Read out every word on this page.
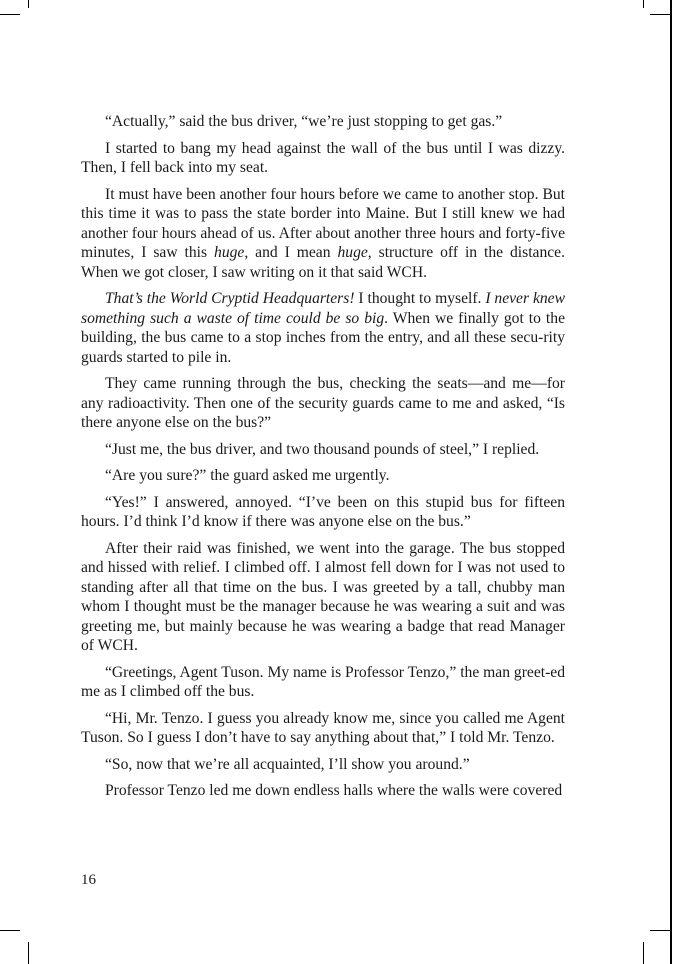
“Actually,” said the bus driver, “we’re just stopping to get gas.”

I started to bang my head against the wall of the bus until I was dizzy. Then, I fell back into my seat.

It must have been another four hours before we came to another stop. But this time it was to pass the state border into Maine. But I still knew we had another four hours ahead of us. After about another three hours and forty-five minutes, I saw this huge, and I mean huge, structure off in the distance. When we got closer, I saw writing on it that said WCH.

That’s the World Cryptid Headquarters! I thought to myself. I never knew something such a waste of time could be so big. When we finally got to the building, the bus came to a stop inches from the entry, and all these secu-rity guards started to pile in.

They came running through the bus, checking the seats—and me—for any radioactivity. Then one of the security guards came to me and asked, “Is there anyone else on the bus?”

“Just me, the bus driver, and two thousand pounds of steel,” I replied.

“Are you sure?” the guard asked me urgently.

“Yes!” I answered, annoyed. “I’ve been on this stupid bus for fifteen hours. I’d think I’d know if there was anyone else on the bus.”

After their raid was finished, we went into the garage. The bus stopped and hissed with relief. I climbed off. I almost fell down for I was not used to standing after all that time on the bus. I was greeted by a tall, chubby man whom I thought must be the manager because he was wearing a suit and was greeting me, but mainly because he was wearing a badge that read Manager of WCH.

“Greetings, Agent Tuson. My name is Professor Tenzo,” the man greet-ed me as I climbed off the bus.

“Hi, Mr. Tenzo. I guess you already know me, since you called me Agent Tuson. So I guess I don’t have to say anything about that,” I told Mr. Tenzo.

“So, now that we’re all acquainted, I’ll show you around.”

Professor Tenzo led me down endless halls where the walls were covered

16
